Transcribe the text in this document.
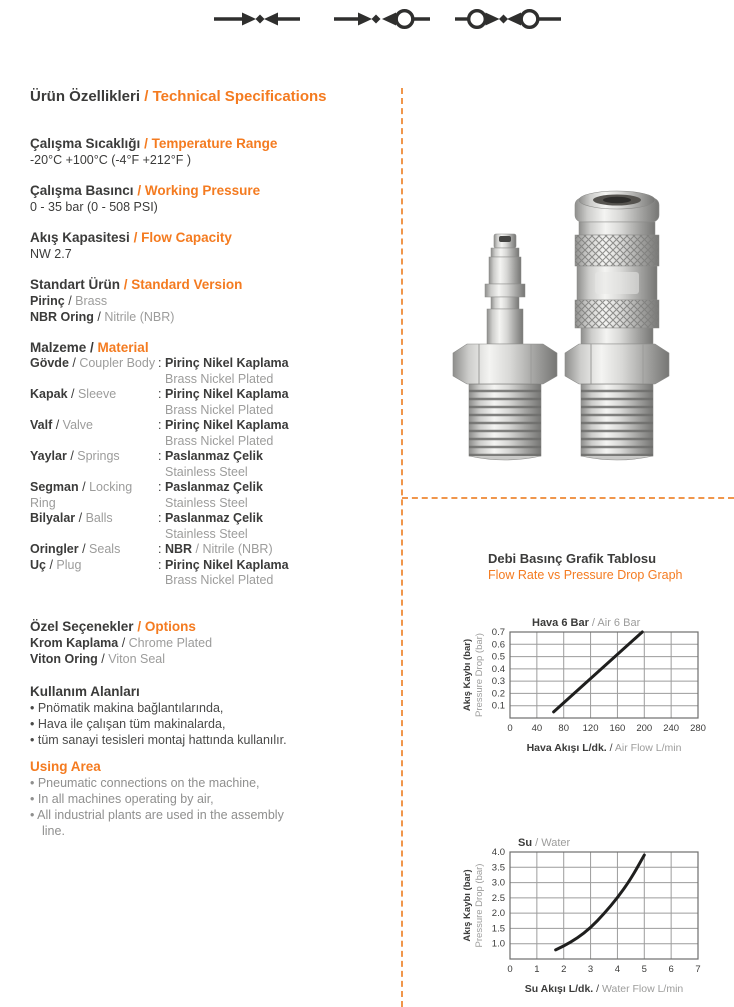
Ürün Özellikleri / Technical Specifications
Çalışma Sıcaklığı / Temperature Range
-20°C +100°C (-4°F +212°F )
Çalışma Basıncı / Working Pressure
0 - 35 bar (0 - 508 PSI)
Akış Kapasitesi / Flow Capacity
NW 2.7
Standart Ürün / Standard Version
Pirinç / Brass
NBR Oring / Nitrile (NBR)
Malzeme / Material
Gövde / Coupler Body : Pirinç Nikel Kaplama
Brass Nickel Plated
Kapak / Sleeve	: Pirinç Nikel Kaplama
Brass Nickel Plated
Valf / Valve	: Pirinç Nikel Kaplama
Brass Nickel Plated
Yaylar / Springs	: Paslanmaz Çelik
Stainless Steel
Segman / Locking Ring
: Paslanmaz Çelik
Stainless Steel
Bilyalar / Balls	: Paslanmaz Çelik
Stainless Steel
Oringler / Seals	: NBR / Nitrile (NBR)
Uç / Plug	: Pirinç Nikel Kaplama
Brass Nickel Plated
Özel Seçenekler / Options
Krom Kaplama / Chrome Plated
Viton Oring / Viton Seal
Kullanım Alanları
• Pnömatik makina bağlantılarında,
• Hava ile çalışan tüm makinalarda,
• tüm sanayi tesisleri montaj hattında kullanılır.
Using Area
• Pneumatic connections on the machine,
• In all machines operating by air,
• All industrial plants are used in the assembly line.
Debi Basınç Grafik Tablosu
Flow Rate vs Pressure Drop Graph
0 40 80 120 160 200 240 280
0.1
0.2
0.3
0.4
0.5
0.6
0.7
Hava 6 Bar / Air 6 Bar
Hava Akışı L/dk. / Air Flow L/min
Akış Kaybı (bar) Pressure Drop (bar)
0 1 2 3 4 5 6 7
1.0
1.5
2.0
2.5
3.0
3.5
4.0
Su / Water
Su Akışı L/dk. / Water Flow L/min
Akış Kaybı (bar) Pressure Drop (bar)
